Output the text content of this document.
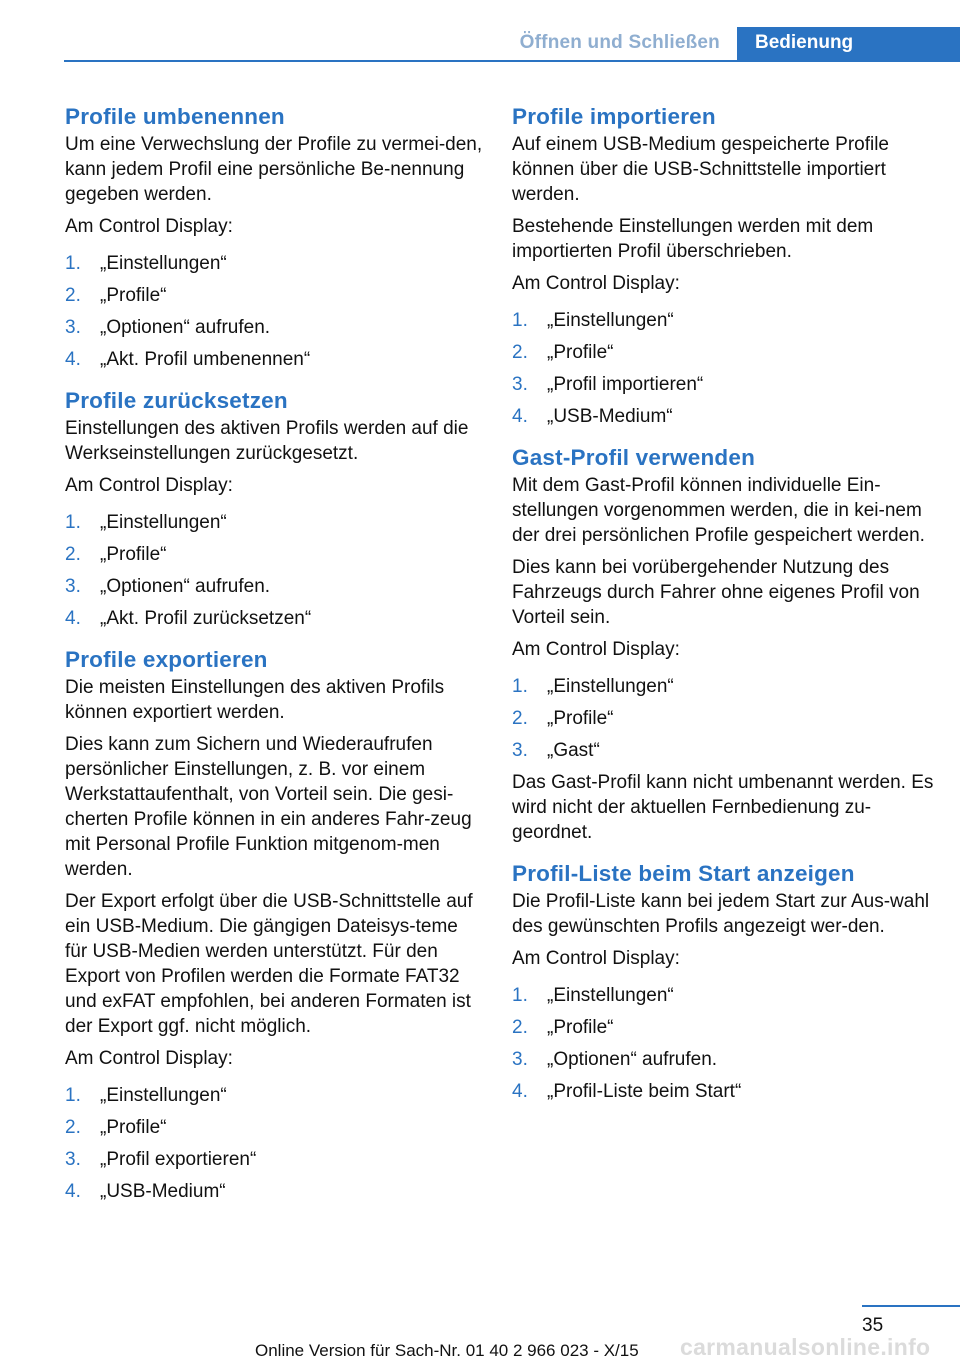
Öffnen und Schließen	Bedienung
Profile umbenennen

Um eine Verwechslung der Profile zu vermei-den, kann jedem Profil eine persönliche Be-nennung gegeben werden.

Am Control Display:

1. „Einstellungen“
2. „Profile“
3. „Optionen“ aufrufen.
4. „Akt. Profil umbenennen“
Profile zurücksetzen

Einstellungen des aktiven Profils werden auf die Werkseinstellungen zurückgesetzt.

Am Control Display:

1. „Einstellungen“
2. „Profile“
3. „Optionen“ aufrufen.
4. „Akt. Profil zurücksetzen“
Profile exportieren

Die meisten Einstellungen des aktiven Profils können exportiert werden.

Dies kann zum Sichern und Wiederaufrufen persönlicher Einstellungen, z. B. vor einem Werkstattaufenthalt, von Vorteil sein. Die gesi-cherten Profile können in ein anderes Fahr-zeug mit Personal Profile Funktion mitgenom-men werden.

Der Export erfolgt über die USB-Schnittstelle auf ein USB-Medium. Die gängigen Dateisys-teme für USB-Medien werden unterstützt. Für den Export von Profilen werden die Formate FAT32 und exFAT empfohlen, bei anderen Formaten ist der Export ggf. nicht möglich.

Am Control Display:

1. „Einstellungen“
2. „Profile“
3. „Profil exportieren“
4. „USB-Medium“
Profile importieren

Auf einem USB-Medium gespeicherte Profile können über die USB-Schnittstelle importiert werden.

Bestehende Einstellungen werden mit dem importierten Profil überschrieben.

Am Control Display:

1. „Einstellungen“
2. „Profile“
3. „Profil importieren“
4. „USB-Medium“
Gast-Profil verwenden

Mit dem Gast-Profil können individuelle Ein-stellungen vorgenommen werden, die in kei-nem der drei persönlichen Profile gespeichert werden.

Dies kann bei vorübergehender Nutzung des Fahrzeugs durch Fahrer ohne eigenes Profil von Vorteil sein.

Am Control Display:

1. „Einstellungen“
2. „Profile“
3. „Gast“

Das Gast-Profil kann nicht umbenannt werden. Es wird nicht der aktuellen Fernbedienung zu-geordnet.

Profil-Liste beim Start anzeigen

Die Profil-Liste kann bei jedem Start zur Aus-wahl des gewünschten Profils angezeigt wer-den.

Am Control Display:

1. „Einstellungen“
2. „Profile“
3. „Optionen“ aufrufen.
4. „Profil-Liste beim Start“
35
Online Version für Sach-Nr. 01 40 2 966 023 - X/15 carmanualsonline.info
